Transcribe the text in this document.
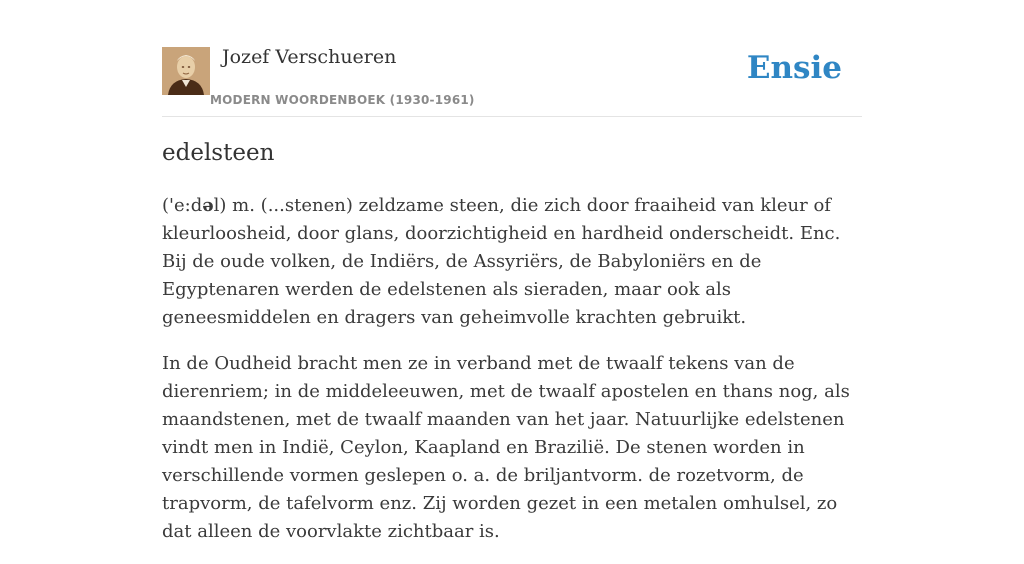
Jozef Verschueren
MODERN WOORDENBOEK (1930-1961)
Ensie
edelsteen

('e:dəl) m. (...stenen) zeldzame steen, die zich door fraaiheid van kleur of kleurloosheid, door glans, doorzichtigheid en hardheid onderscheidt. Enc. Bij de oude volken, de Indiërs, de Assyriërs, de Babyloniërs en de Egyptenaren werden de edelstenen als sieraden, maar ook als geneesmiddelen en dragers van geheimvolle krachten gebruikt.

In de Oudheid bracht men ze in verband met de twaalf tekens van de dierenriem; in de middeleeuwen, met de twaalf apostelen en thans nog, als maandstenen, met de twaalf maanden van het jaar. Natuurlijke edelstenen vindt men in Indië, Ceylon, Kaapland en Brazilië. De stenen worden in verschillende vormen geslepen o. a. de briljantvorm. de rozetvorm, de trapvorm, de tafelvorm enz. Zij worden gezet in een metalen omhulsel, zo dat alleen de voorvlakte zichtbaar is.
